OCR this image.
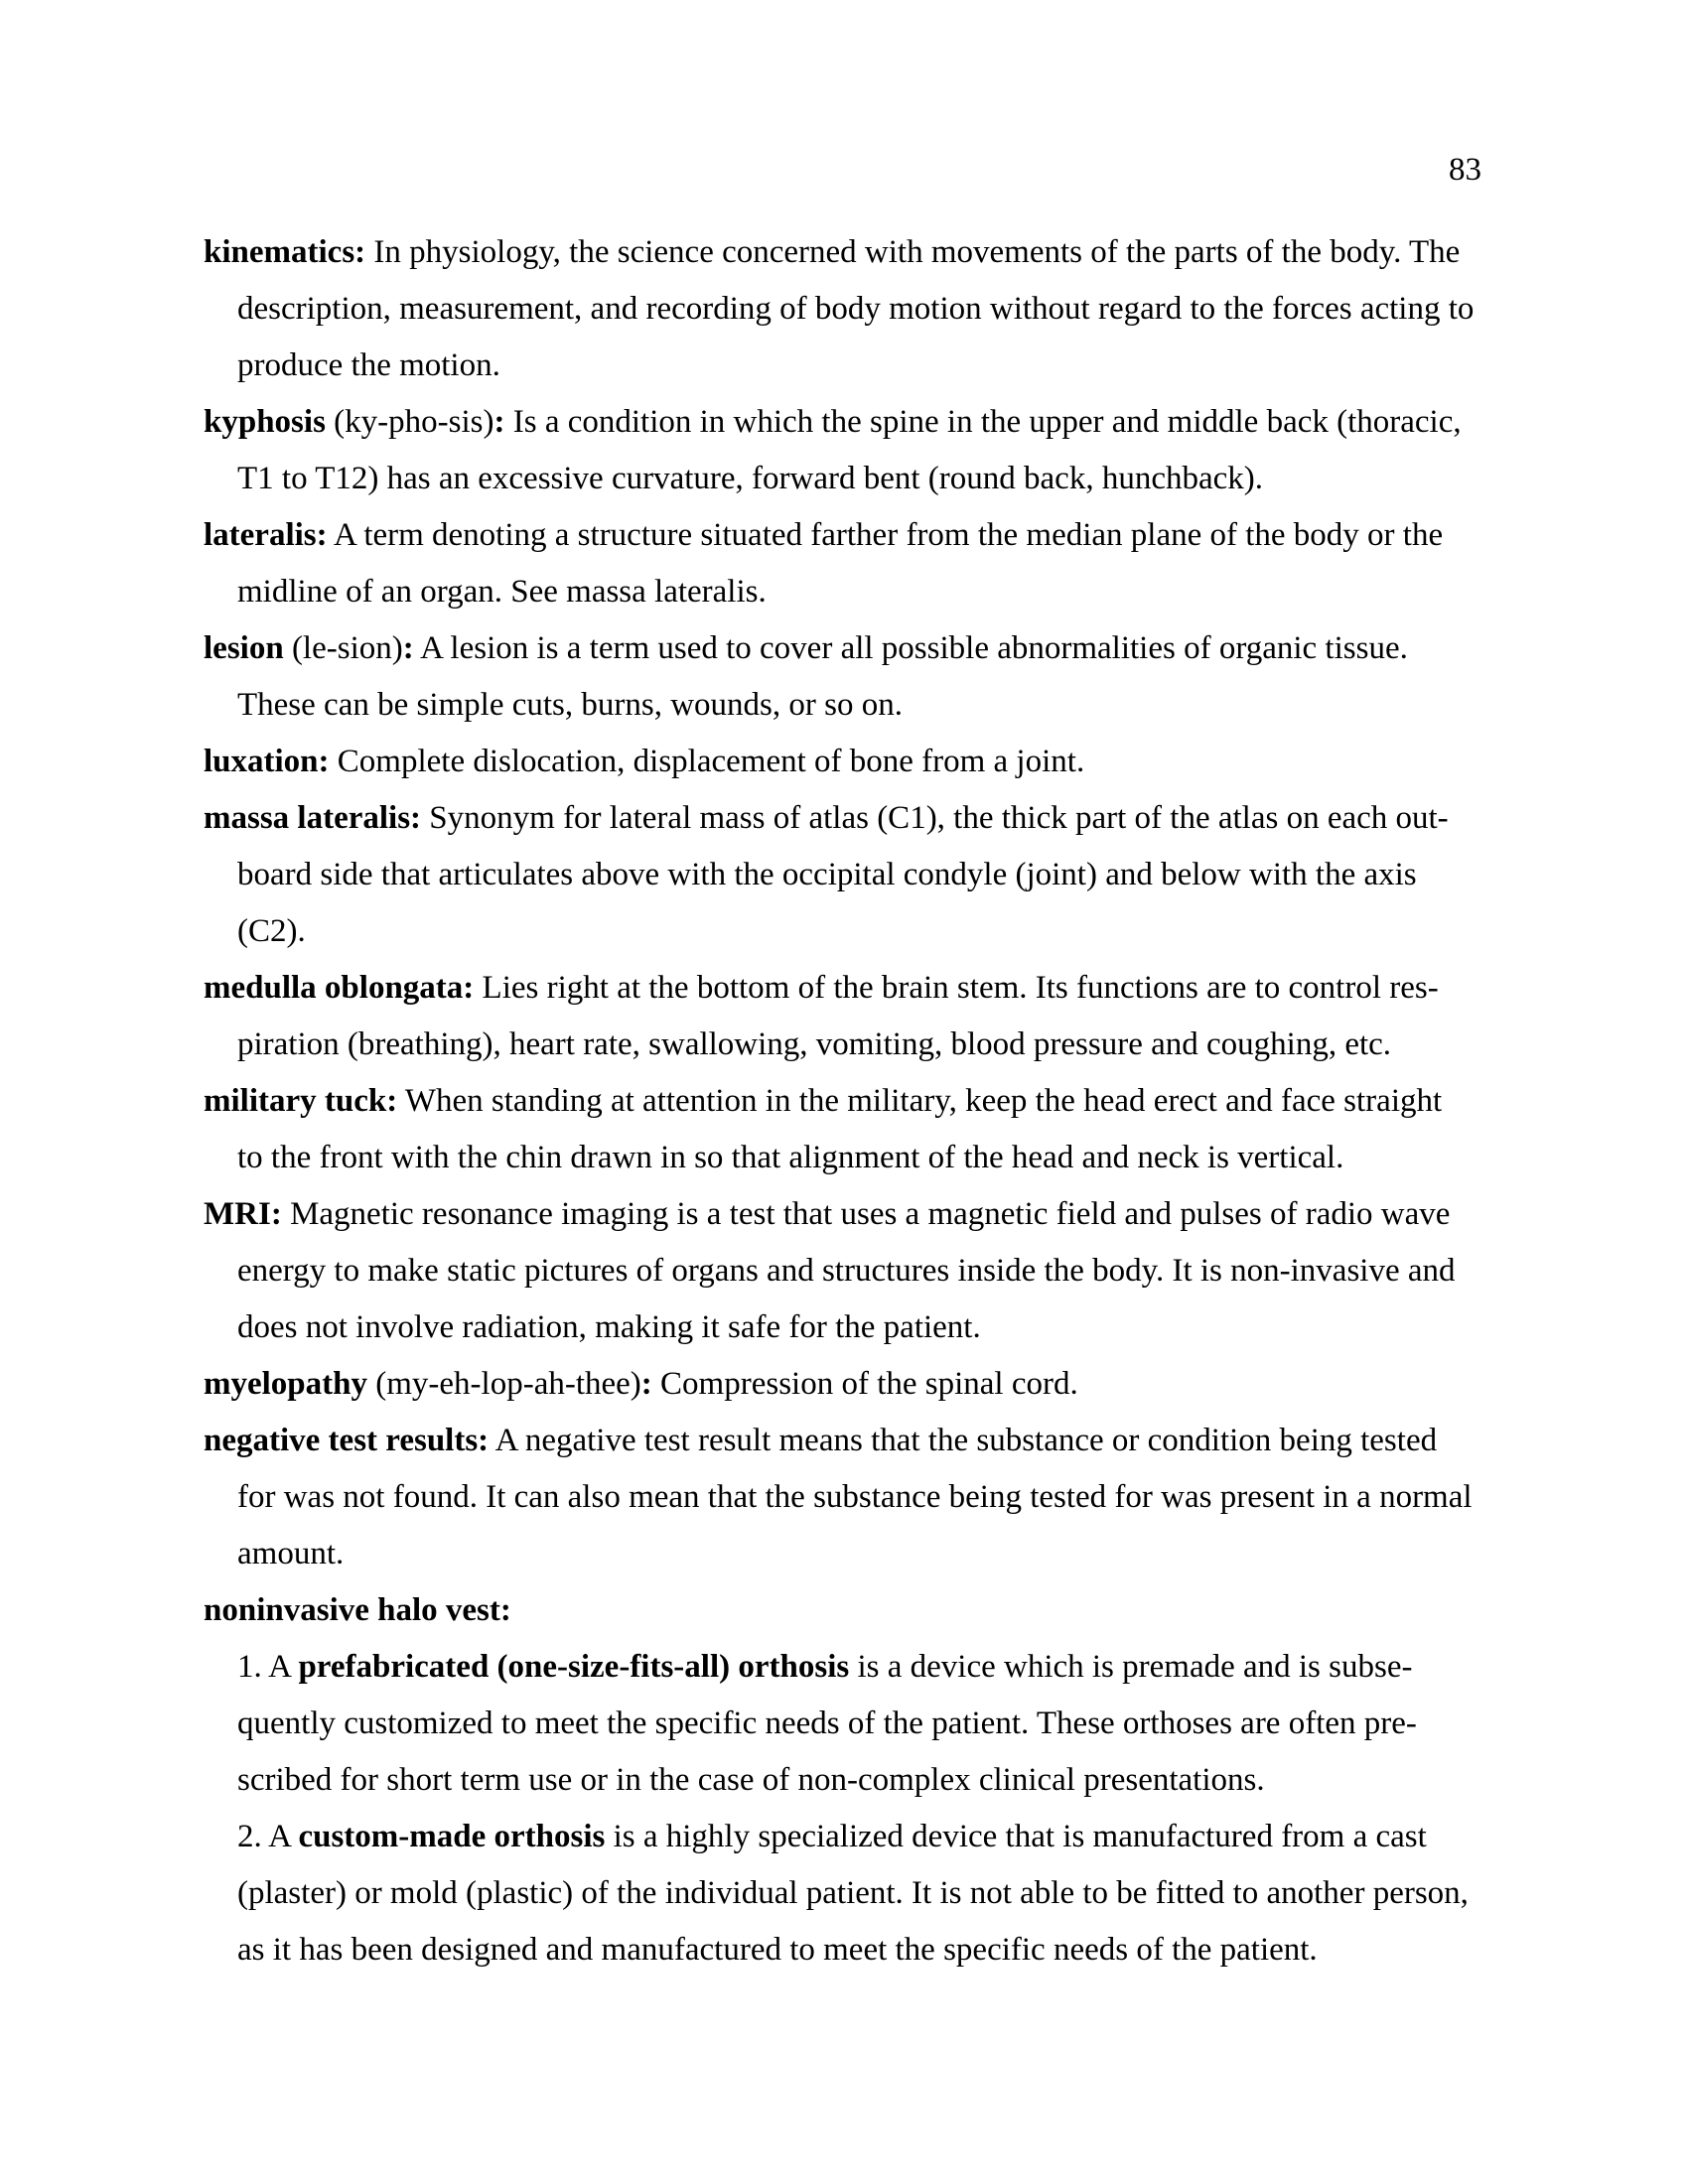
83
kinematics: In physiology, the science concerned with movements of the parts of the body. The
description, measurement, and recording of body motion without regard to the forces acting to
produce the motion.
kyphosis (ky-pho-sis): Is a condition in which the spine in the upper and middle back (thoracic,
T1 to T12) has an excessive curvature, forward bent (round back, hunchback).
lateralis: A term denoting a structure situated farther from the median plane of the body or the
midline of an organ. See massa lateralis.
lesion (le-sion): A lesion is a term used to cover all possible abnormalities of organic tissue.
These can be simple cuts, burns, wounds, or so on.
luxation: Complete dislocation, displacement of bone from a joint.
massa lateralis: Synonym for lateral mass of atlas (C1), the thick part of the atlas on each out-
board side that articulates above with the occipital condyle (joint) and below with the axis
(C2).
medulla oblongata: Lies right at the bottom of the brain stem. Its functions are to control res-
piration (breathing), heart rate, swallowing, vomiting, blood pressure and coughing, etc.
military tuck: When standing at attention in the military, keep the head erect and face straight
to the front with the chin drawn in so that alignment of the head and neck is vertical.
MRI: Magnetic resonance imaging is a test that uses a magnetic field and pulses of radio wave
energy to make static pictures of organs and structures inside the body. It is non-invasive and
does not involve radiation, making it safe for the patient.
myelopathy (my-eh-lop-ah-thee): Compression of the spinal cord.
negative test results: A negative test result means that the substance or condition being tested
for was not found. It can also mean that the substance being tested for was present in a normal
amount.
noninvasive halo vest:
1. A prefabricated (one-size-fits-all) orthosis is a device which is premade and is subse-
quently customized to meet the specific needs of the patient. These orthoses are often pre-
scribed for short term use or in the case of non-complex clinical presentations.
2. A custom-made orthosis is a highly specialized device that is manufactured from a cast
(plaster) or mold (plastic) of the individual patient. It is not able to be fitted to another person,
as it has been designed and manufactured to meet the specific needs of the patient.
